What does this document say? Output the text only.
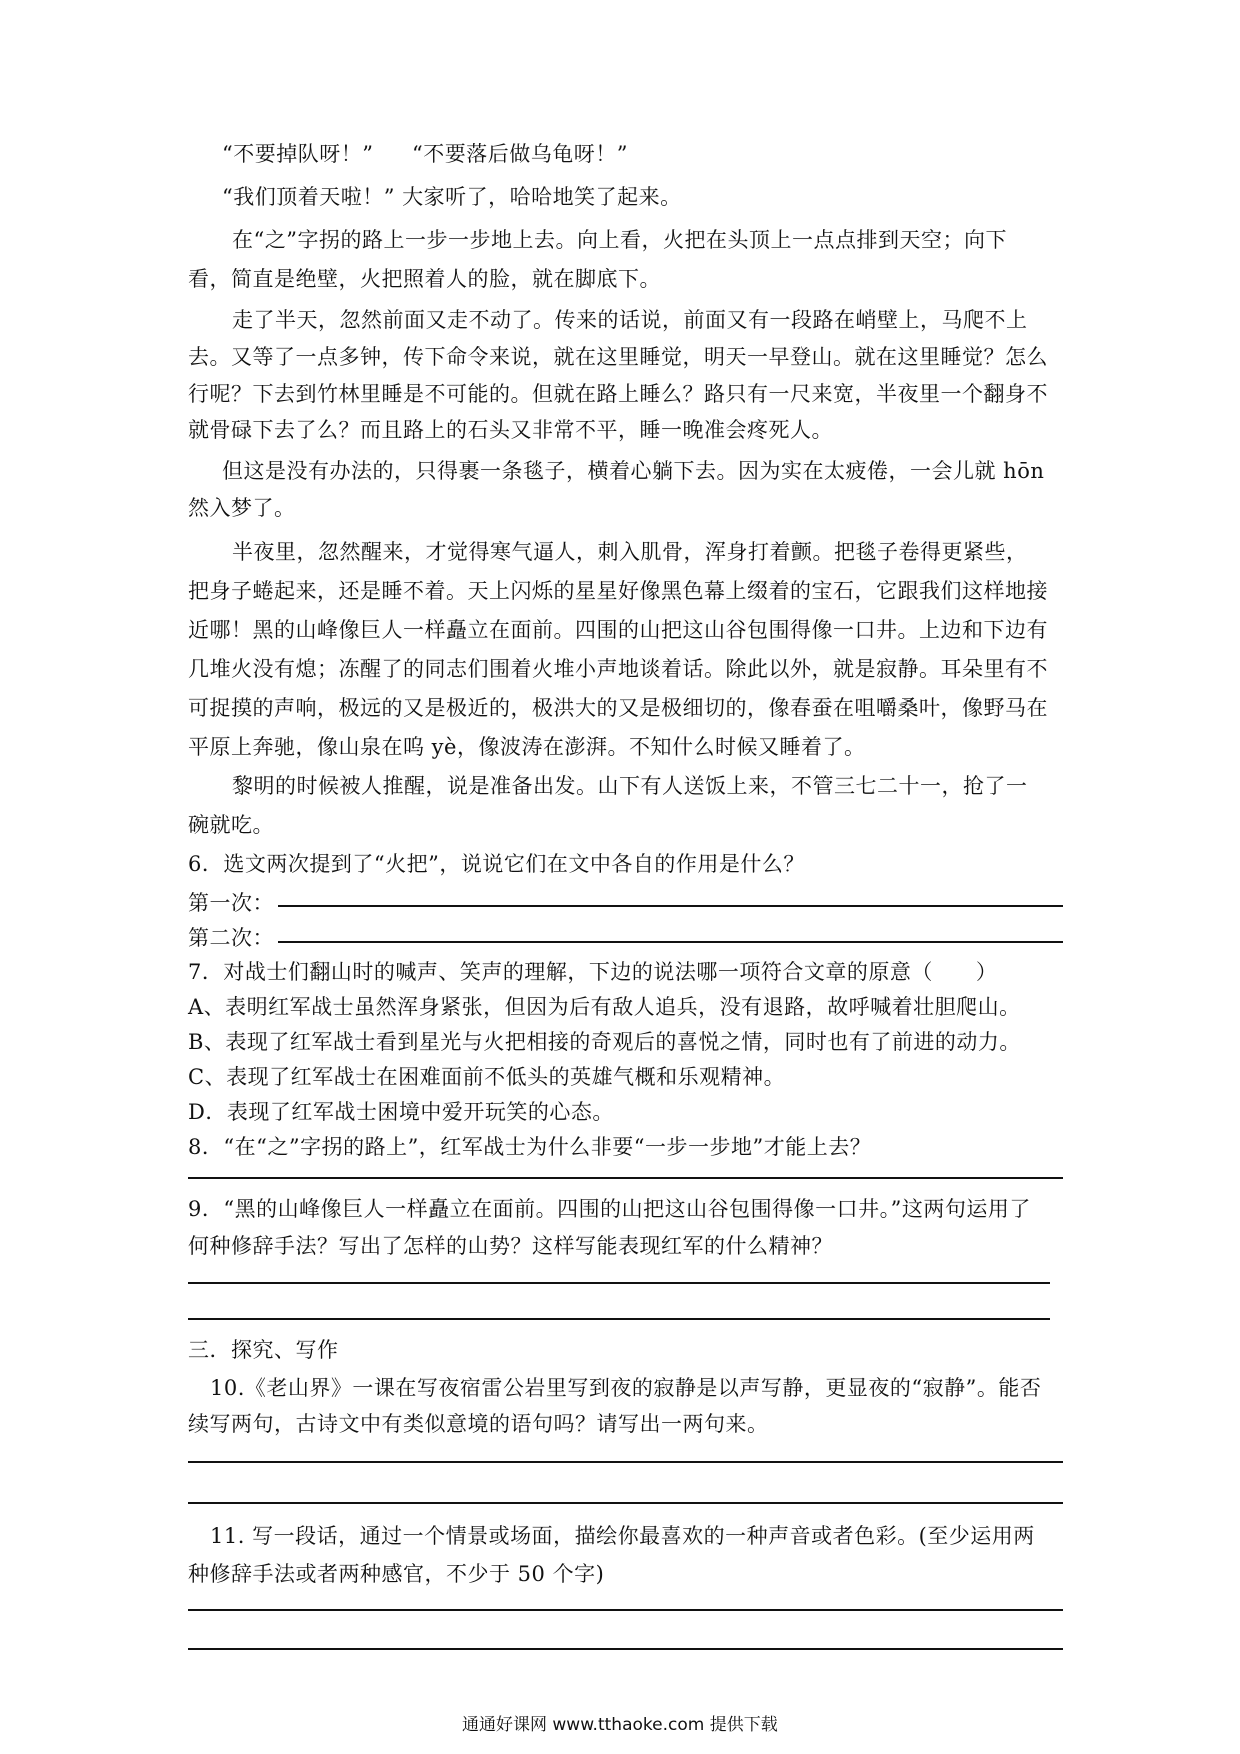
“不要掉队呀！” “不要落后做乌龟呀！”
“我们顶着天啦！” 大家听了，哈哈地笑了起来。
在“之”字拐的路上一步一步地上去。向上看，火把在头顶上一点点排到天空；向下
看，简直是绝壁，火把照着人的脸，就在脚底下。
走了半天，忽然前面又走不动了。传来的话说，前面又有一段路在峭壁上，马爬不上
去。又等了一点多钟，传下命令来说，就在这里睡觉，明天一早登山。就在这里睡觉？怎么
行呢？下去到竹林里睡是不可能的。但就在路上睡么？路只有一尺来宽，半夜里一个翻身不
就骨碌下去了么？而且路上的石头又非常不平，睡一晚准会疼死人。
但这是没有办法的，只得裹一条毯子，横着心躺下去。因为实在太疲倦，一会儿就 hōn
然入梦了。
半夜里，忽然醒来，才觉得寒气逼人，刺入肌骨，浑身打着颤。把毯子卷得更紧些，
把身子蜷起来，还是睡不着。天上闪烁的星星好像黑色幕上缀着的宝石，它跟我们这样地接
近哪！黑的山峰像巨人一样矗立在面前。四围的山把这山谷包围得像一口井。上边和下边有
几堆火没有熄；冻醒了的同志们围着火堆小声地谈着话。除此以外，就是寂静。耳朵里有不
可捉摸的声响，极远的又是极近的，极洪大的又是极细切的，像春蚕在咀嚼桑叶，像野马在
平原上奔驰，像山泉在呜 yè，像波涛在澎湃。不知什么时候又睡着了。
黎明的时候被人推醒，说是准备出发。山下有人送饭上来，不管三七二十一，抢了一
碗就吃。
6．选文两次提到了“火把”，说说它们在文中各自的作用是什么？
第一次：
第二次：
7．对战士们翻山时的喊声、笑声的理解，下边的说法哪一项符合文章的原意（　　）
A、表明红军战士虽然浑身紧张，但因为后有敌人追兵，没有退路，故呼喊着壮胆爬山。
B、表现了红军战士看到星光与火把相接的奇观后的喜悦之情，同时也有了前进的动力。
C、表现了红军战士在困难面前不低头的英雄气概和乐观精神。
D．表现了红军战士困境中爱开玩笑的心态。
8．“在“之”字拐的路上”，红军战士为什么非要“一步一步地”才能上去？
9．“黑的山峰像巨人一样矗立在面前。四围的山把这山谷包围得像一口井。”这两句运用了
何种修辞手法？写出了怎样的山势？这样写能表现红军的什么精神？
三．探究、写作
10.《老山界》一课在写夜宿雷公岩里写到夜的寂静是以声写静，更显夜的“寂静”。能否
续写两句，古诗文中有类似意境的语句吗？请写出一两句来。
11. 写一段话，通过一个情景或场面，描绘你最喜欢的一种声音或者色彩。(至少运用两
种修辞手法或者两种感官，不少于 50 个字)
通通好课网 www.tthaoke.com 提供下载
